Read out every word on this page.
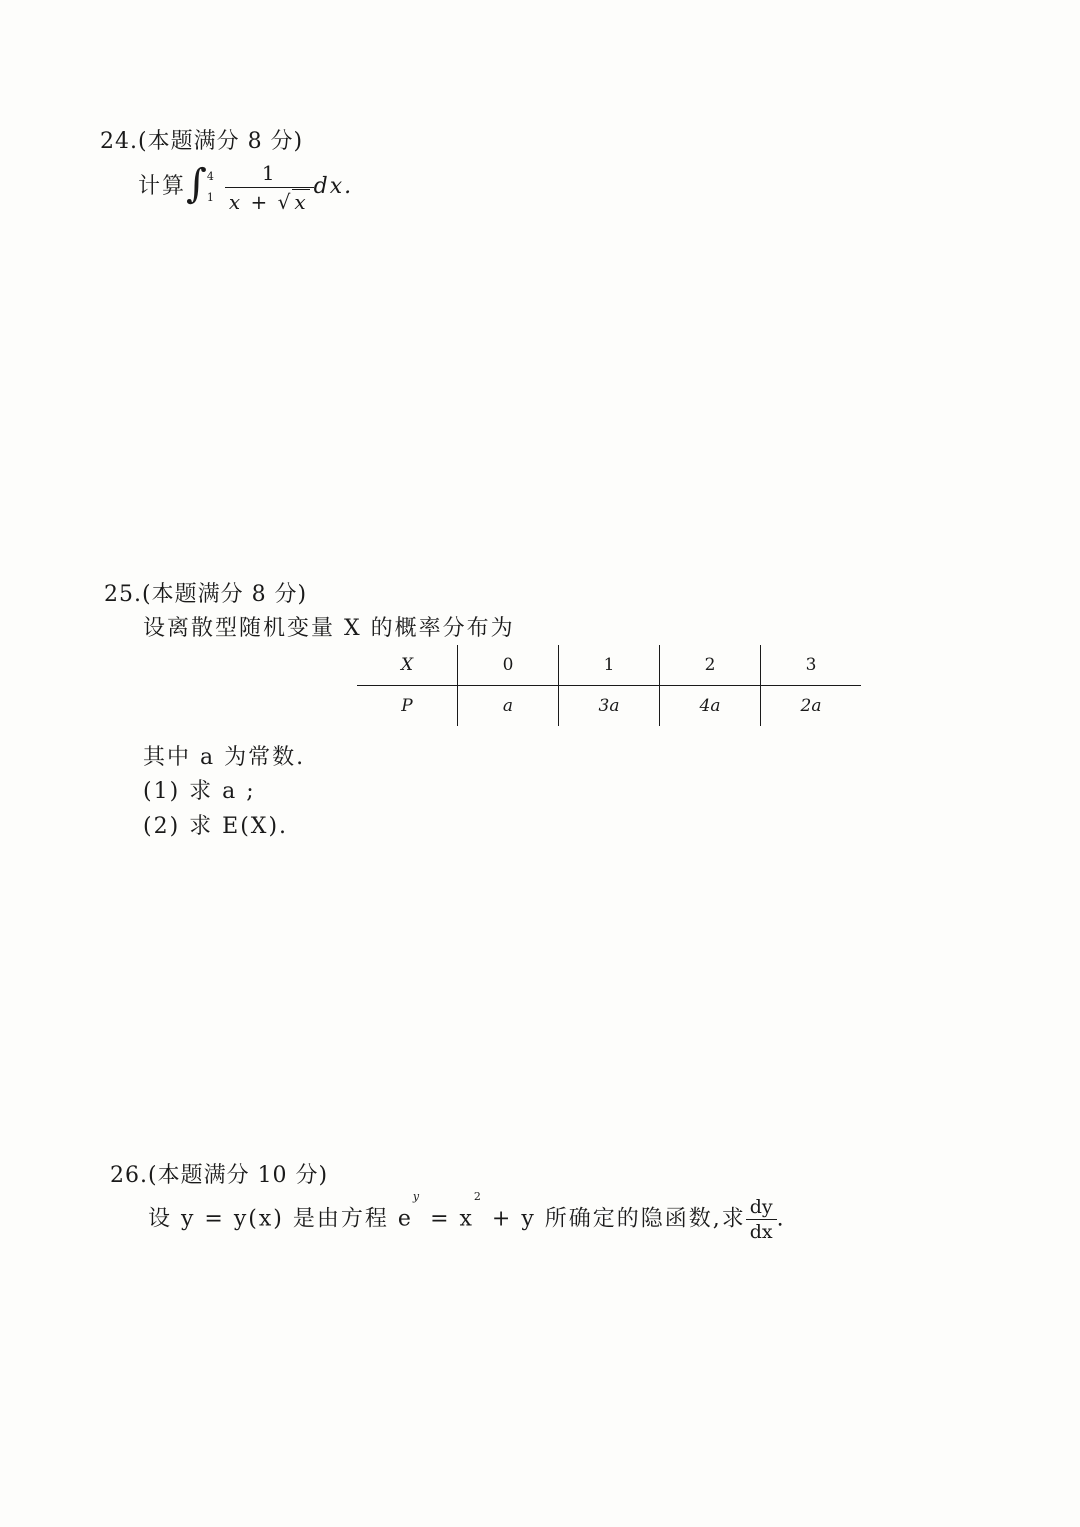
24.(本题满分 8 分)
计算∫
4
1
$\frac{1}{x + √ x}$ dx.
25.(本题满分 8 分)
设离散型随机变量 X 的概率分布为
X	0	1	2	3
P	a	3a	4a	2a
其中 a 为常数.
(1) 求 a ;
(2) 求 E(X).
26.(本题满分 10 分)
设 y = y(x) 是由方程 $e^y = x^2 + y$ 所确定的隐函数,求 $\frac{dy}{dx}$ .
